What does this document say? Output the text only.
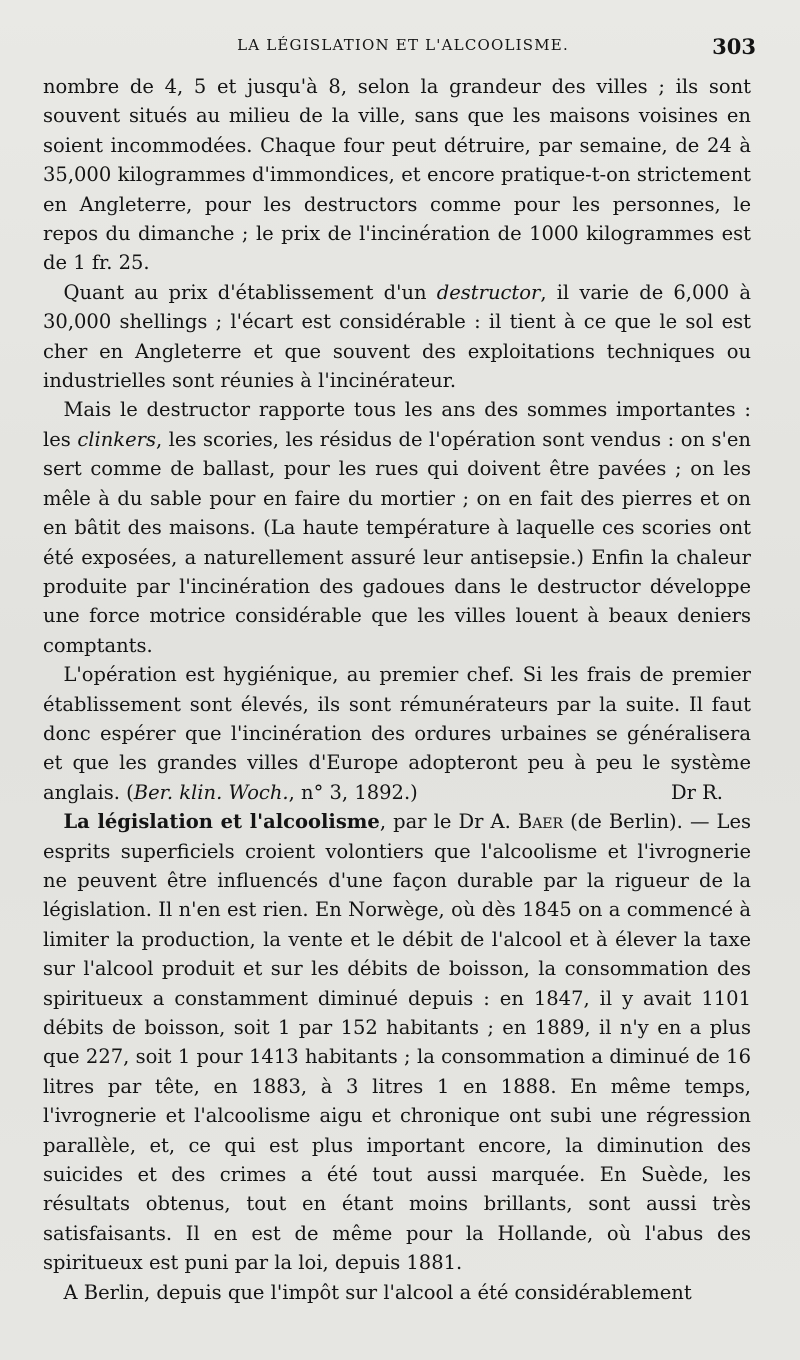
LA LÉGISLATION ET L'ALCOOLISME.	303

nombre de 4, 5 et jusqu'à 8, selon la grandeur des villes ; ils sont souvent situés au milieu de la ville, sans que les maisons voisines en soient incommodées. Chaque four peut détruire, par semaine, de 24 à 35,000 kilogrammes d'immondices, et encore pratique-t-on strictement en Angleterre, pour les destructors comme pour les personnes, le repos du dimanche ; le prix de l'incinération de 1000 kilogrammes est de 1 fr. 25.

Quant au prix d'établissement d'un destructor, il varie de 6,000 à 30,000 shellings ; l'écart est considérable : il tient à ce que le sol est cher en Angleterre et que souvent des exploitations techniques ou industrielles sont réunies à l'incinérateur.

Mais le destructor rapporte tous les ans des sommes importantes : les clinkers, les scories, les résidus de l'opération sont vendus : on s'en sert comme de ballast, pour les rues qui doivent être pavées ; on les mêle à du sable pour en faire du mortier ; on en fait des pierres et on en bâtit des maisons. (La haute température à laquelle ces scories ont été exposées, a naturellement assuré leur antisepsie.) Enfin la chaleur produite par l'incinération des gadoues dans le destructor développe une force motrice considérable que les villes louent à beaux deniers comptants.

L'opération est hygiénique, au premier chef. Si les frais de premier établissement sont élevés, ils sont rémunérateurs par la suite. Il faut donc espérer que l'incinération des ordures urbaines se généralisera et que les grandes villes d'Europe adopteront peu à peu le système anglais. (Ber. klin. Woch., n° 3, 1892.)	Dr R.

La législation et l'alcoolisme, par le Dr A. Baer (de Berlin). — Les esprits superficiels croient volontiers que l'alcoolisme et l'ivrognerie ne peuvent être influencés d'une façon durable par la rigueur de la législation. Il n'en est rien. En Norwège, où dès 1845 on a commencé à limiter la production, la vente et le débit de l'alcool et à élever la taxe sur l'alcool produit et sur les débits de boisson, la consommation des spiritueux a constamment diminué depuis : en 1847, il y avait 1101 débits de boisson, soit 1 par 152 habitants ; en 1889, il n'y en a plus que 227, soit 1 pour 1413 habitants ; la consommation a diminué de 16 litres par tête, en 1883, à 3 litres 1 en 1888. En même temps, l'ivrognerie et l'alcoolisme aigu et chronique ont subi une régression parallèle, et, ce qui est plus important encore, la diminution des suicides et des crimes a été tout aussi marquée. En Suède, les résultats obtenus, tout en étant moins brillants, sont aussi très satisfaisants. Il en est de même pour la Hollande, où l'abus des spiritueux est puni par la loi, depuis 1881.

A Berlin, depuis que l'impôt sur l'alcool a été considérablement
